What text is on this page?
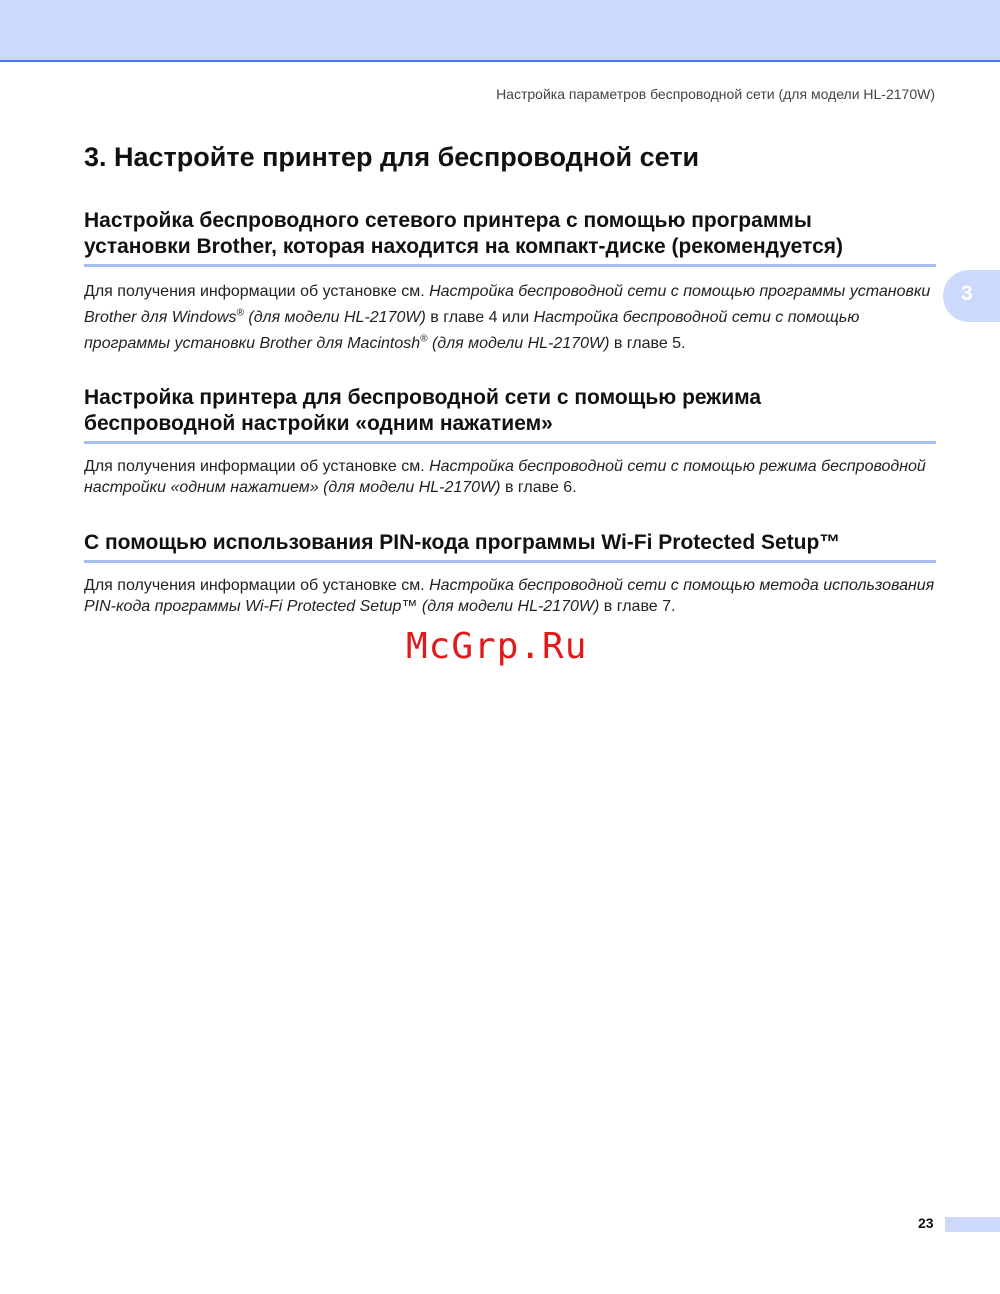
Настройка параметров беспроводной сети (для модели HL-2170W)
3. Настройте принтер для беспроводной сети
3
Настройка беспроводного сетевого принтера с помощью программы
установки Brother, которая находится на компакт-диске (рекомендуется)

Для получения информации об установке см. Настройка беспроводной сети с помощью программы установки Brother для Windows® (для модели HL-2170W) в главе 4 или Настройка беспроводной сети с помощью программы установки Brother для Macintosh® (для модели HL-2170W) в главе 5.

Настройка принтера для беспроводной сети с помощью режима
беспроводной настройки «одним нажатием»

Для получения информации об установке см. Настройка беспроводной сети с помощью режима беспроводной настройки «одним нажатием» (для модели HL-2170W) в главе 6.

С помощью использования PIN-кода программы Wi-Fi Protected Setup™

Для получения информации об установке см. Настройка беспроводной сети с помощью метода использования PIN-кода программы Wi-Fi Protected Setup™ (для модели HL-2170W) в главе 7.

McGrp.Ru
23
